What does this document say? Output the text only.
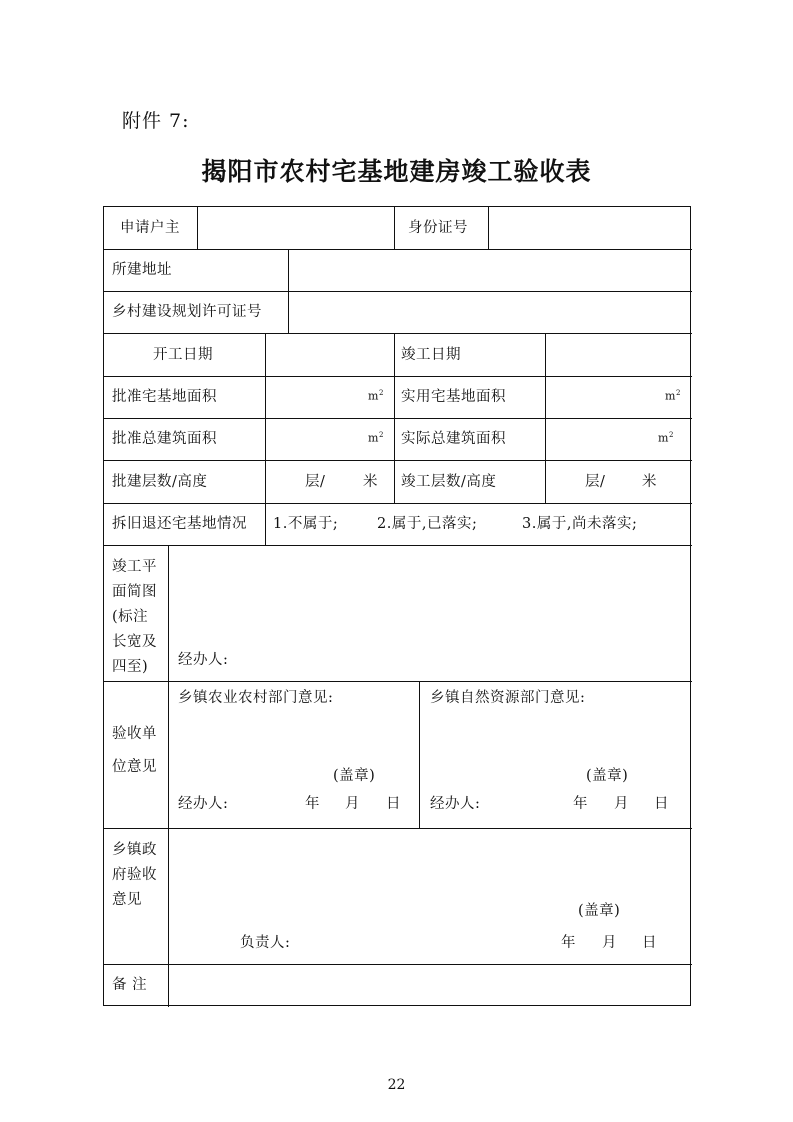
附件 7:
揭阳市农村宅基地建房竣工验收表
申请户主	身份证号
所建地址
乡村建设规划许可证号
开工日期	竣工日期
批准宅基地面积	$m^2$ 实用宅基地面积	$m^2$
批准总建筑面积	$m^2$ 实际总建筑面积	$m^2$
批建层数/高度	层/	米 竣工层数/高度	层/	米
拆旧退还宅基地情况 1.不属于;	2.属于,已落实;	3.属于,尚未落实;
竣工平
面简图
(标注
长宽及
四至)	经办人:
验收单
位意见
乡镇农业农村部门意见:
(盖章)
经办人:	年 月 日
乡镇自然资源部门意见:
(盖章)
经办人:	年 月 日
乡镇政
府验收
意见
(盖章)
负责人:	年 月 日
备 注
22
